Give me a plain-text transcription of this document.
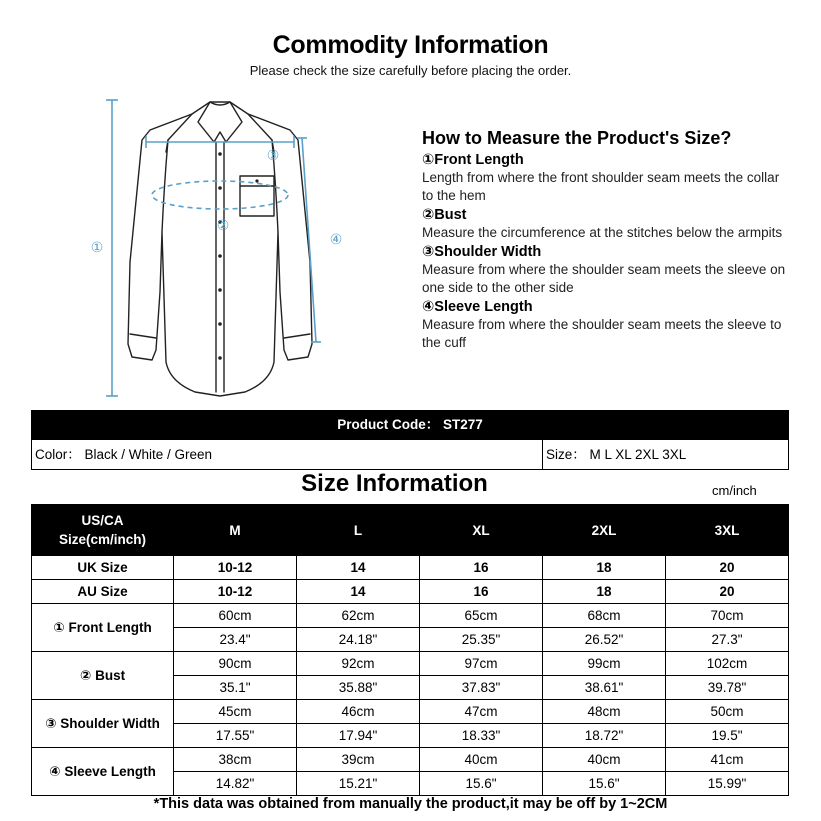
Commodity Information
Please check the size carefully before placing the order.
①
②
③
④
How to Measure the Product's Size?
①Front Length

Length from where the front shoulder seam meets the collar to the hem

②Bust

Measure the circumference at the stitches below the armpits

③Shoulder Width

Measure from where the shoulder seam meets the sleeve on one side to the other side

④Sleeve Length

Measure from where the shoulder seam meets the sleeve to the cuff

Product Code： ST277
Color： Black / White / Green	Size： M L XL 2XL 3XL
Size Information	cm/inch
US/CA
Size(cm/inch)	M	L	XL	2XL	3XL
UK Size	10-12	14	16	18	20
AU Size	10-12	14	16	18	20
① Front Length	60cm	62cm	65cm	68cm	70cm
	23.4"	24.18"	25.35"	26.52"	27.3"
② Bust	90cm	92cm	97cm	99cm	102cm
	35.1"	35.88"	37.83"	38.61"	39.78"
③ Shoulder Width	45cm	46cm	47cm	48cm	50cm
	17.55"	17.94"	18.33"	18.72"	19.5"
④ Sleeve Length	38cm	39cm	40cm	40cm	41cm
	14.82"	15.21"	15.6"	15.6"	15.99"
*This data was obtained from manually the product,it may be off by 1~2CM
